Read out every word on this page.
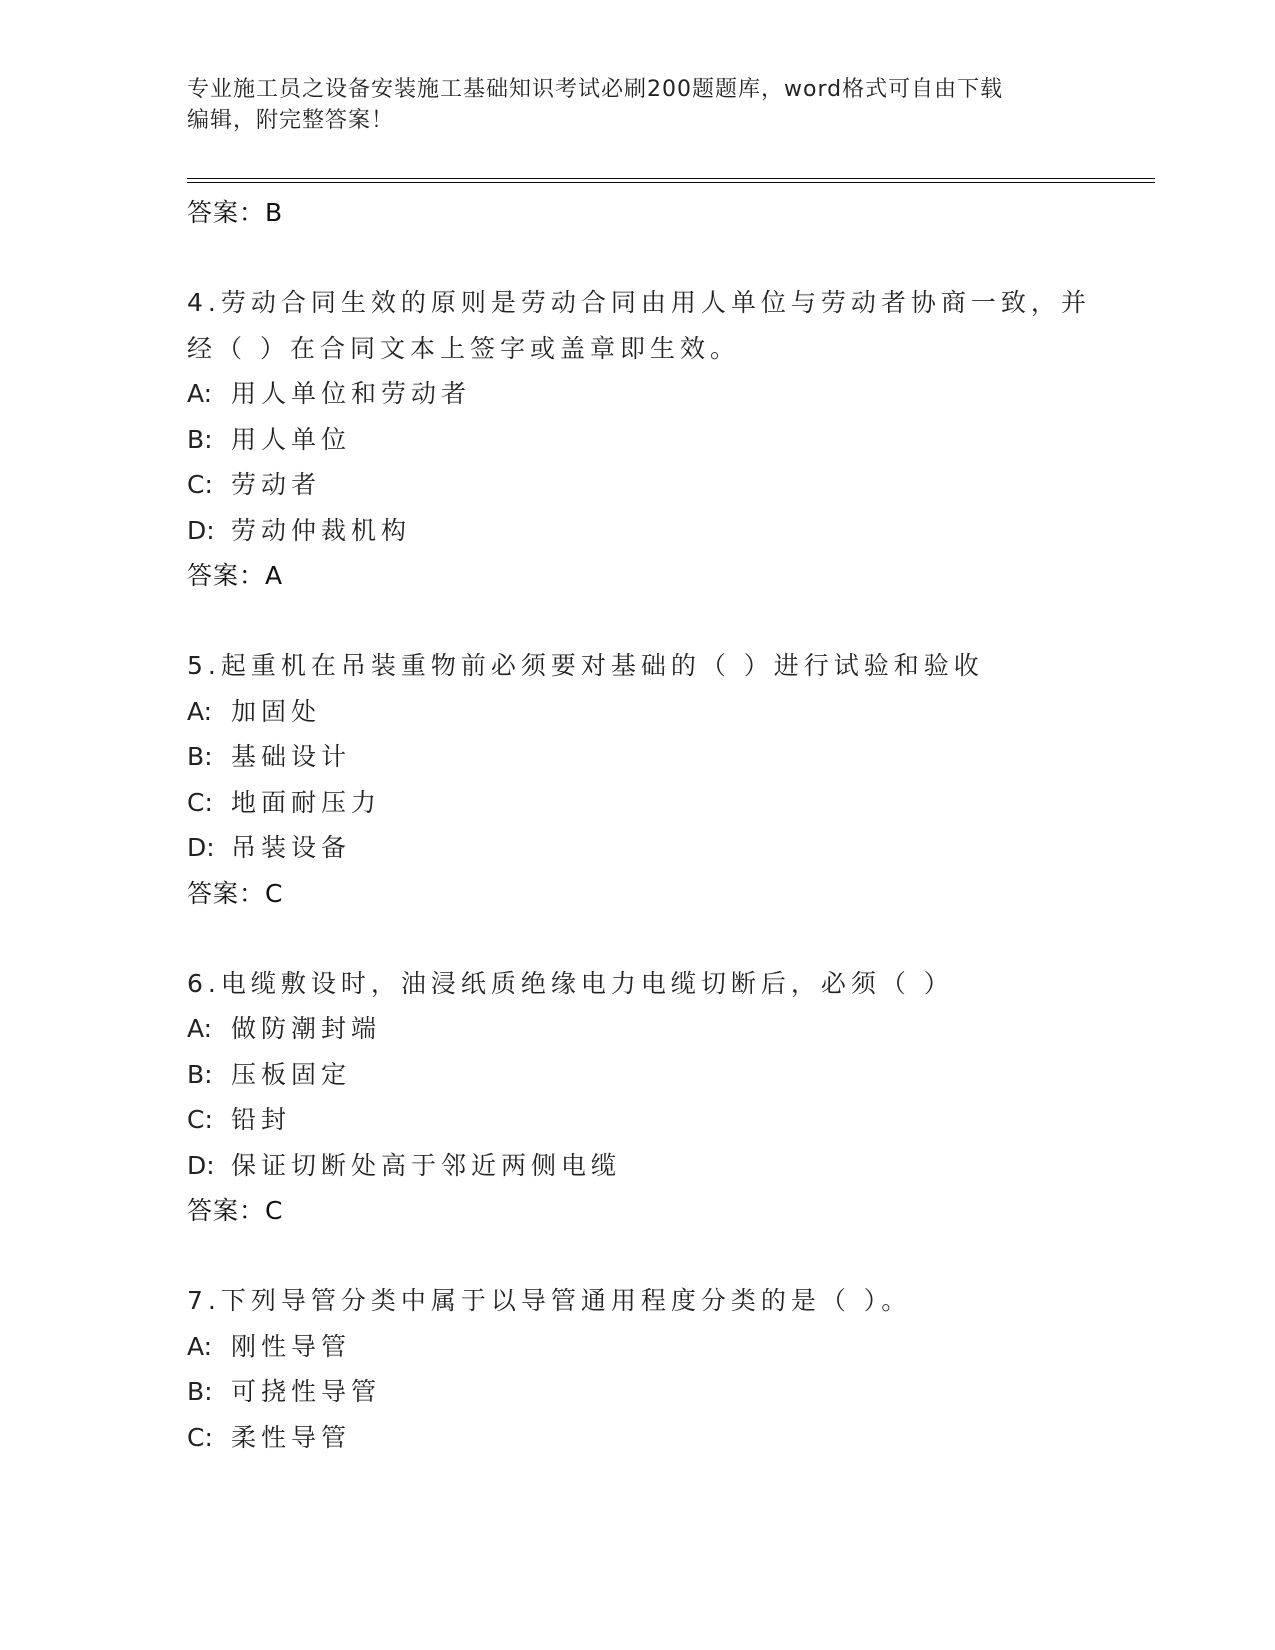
专业施工员之设备安装施工基础知识考试必刷200题题库，word格式可自由下载
编辑，附完整答案！
答案：B
4.劳动合同生效的原则是劳动合同由用人单位与劳动者协商一致，并
经（ ）在合同文本上签字或盖章即生效。
A: 用人单位和劳动者
B: 用人单位
C: 劳动者
D: 劳动仲裁机构
答案：A
5.起重机在吊装重物前必须要对基础的（ ）进行试验和验收
A: 加固处
B: 基础设计
C: 地面耐压力
D: 吊装设备
答案：C
6.电缆敷设时，油浸纸质绝缘电力电缆切断后，必须（ ）
A: 做防潮封端
B: 压板固定
C: 铅封
D: 保证切断处高于邻近两侧电缆
答案：C
7.下列导管分类中属于以导管通用程度分类的是（ ）。
A: 刚性导管
B: 可挠性导管
C: 柔性导管
